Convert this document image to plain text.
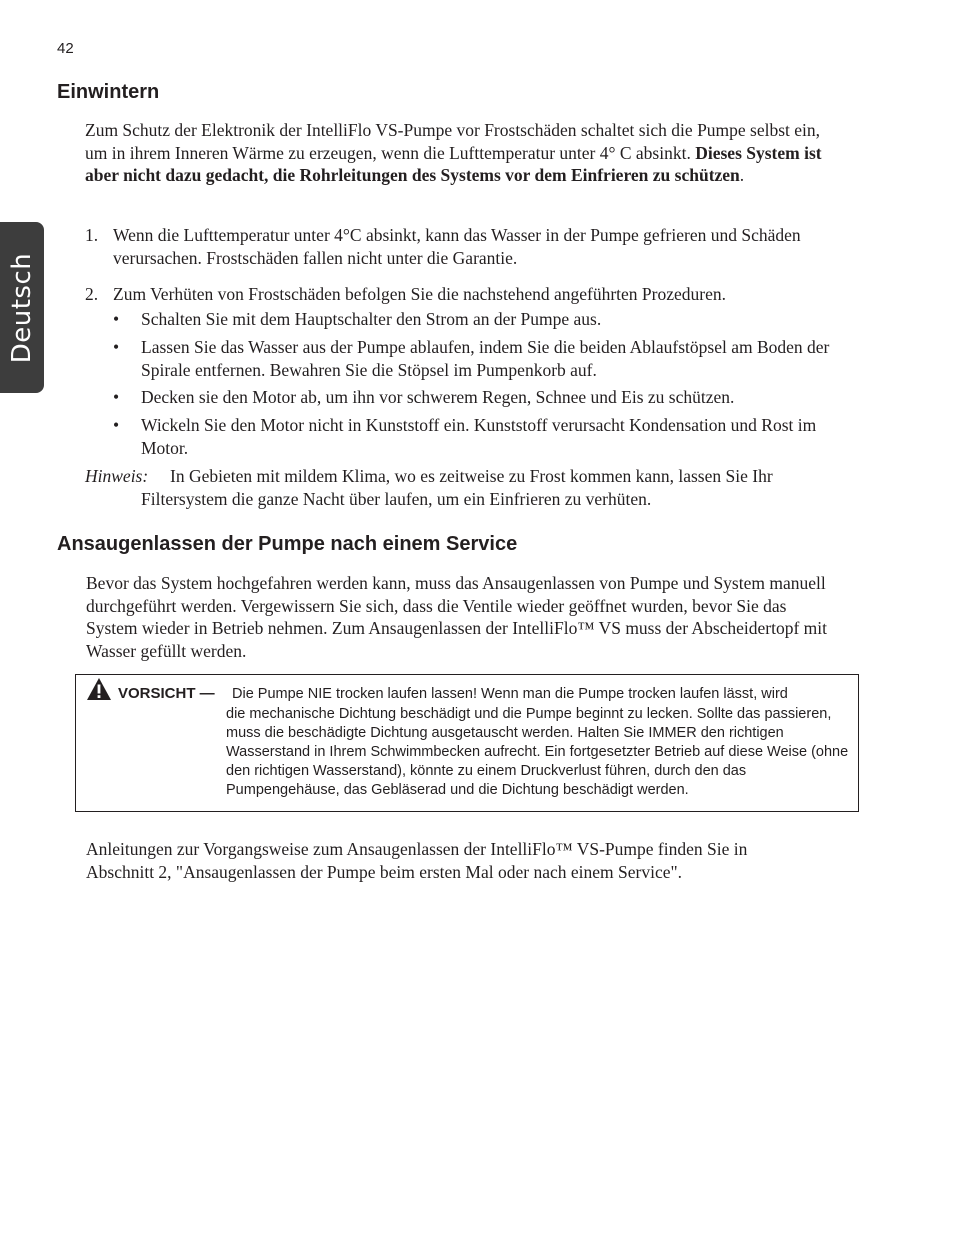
42
Deutsch
Einwintern
Zum Schutz der Elektronik der IntelliFlo VS-Pumpe vor Frostschäden schaltet sich die Pumpe selbst ein, um in ihrem Inneren Wärme zu erzeugen, wenn die Lufttemperatur unter 4° C absinkt. Dieses System ist aber nicht dazu gedacht, die Rohrleitungen des Systems vor dem Einfrieren zu schützen.
1. Wenn die Lufttemperatur unter 4°C absinkt, kann das Wasser in der Pumpe gefrieren und Schäden verursachen. Frostschäden fallen nicht unter die Garantie.
2. Zum Verhüten von Frostschäden befolgen Sie die nachstehend angeführten Prozeduren.
• Schalten Sie mit dem Hauptschalter den Strom an der Pumpe aus.
• Lassen Sie das Wasser aus der Pumpe ablaufen, indem Sie die beiden Ablaufstöpsel am Boden der Spirale entfernen. Bewahren Sie die Stöpsel im Pumpenkorb auf.
• Decken sie den Motor ab, um ihn vor schwerem Regen, Schnee und Eis zu schützen.
• Wickeln Sie den Motor nicht in Kunststoff ein. Kunststoff verursacht Kondensation und Rost im Motor.
Hinweis:	In Gebieten mit mildem Klima, wo es zeitweise zu Frost kommen kann, lassen Sie Ihr Filtersystem die ganze Nacht über laufen, um ein Einfrieren zu verhüten.
Ansaugenlassen der Pumpe nach einem Service
Bevor das System hochgefahren werden kann, muss das Ansaugenlassen von Pumpe und System manuell durchgeführt werden. Vergewissern Sie sich, dass die Ventile wieder geöffnet wurden, bevor Sie das System wieder in Betrieb nehmen. Zum Ansaugenlassen der IntelliFlo™ VS muss der Abscheidertopf mit Wasser gefüllt werden.
VORSICHT — Die Pumpe NIE trocken laufen lassen! Wenn man die Pumpe trocken laufen lässt, wird
die mechanische Dichtung beschädigt und die Pumpe beginnt zu lecken. Sollte das passieren, muss die beschädigte Dichtung ausgetauscht werden. Halten Sie IMMER den richtigen Wasserstand in Ihrem Schwimmbecken aufrecht. Ein fortgesetzter Betrieb auf diese Weise (ohne den richtigen Wasserstand), könnte zu einem Druckverlust führen, durch den das Pumpengehäuse, das Gebläserad und die Dichtung beschädigt werden.
Anleitungen zur Vorgangsweise zum Ansaugenlassen der IntelliFlo™ VS-Pumpe finden Sie in Abschnitt 2, "Ansaugenlassen der Pumpe beim ersten Mal oder nach einem Service".
